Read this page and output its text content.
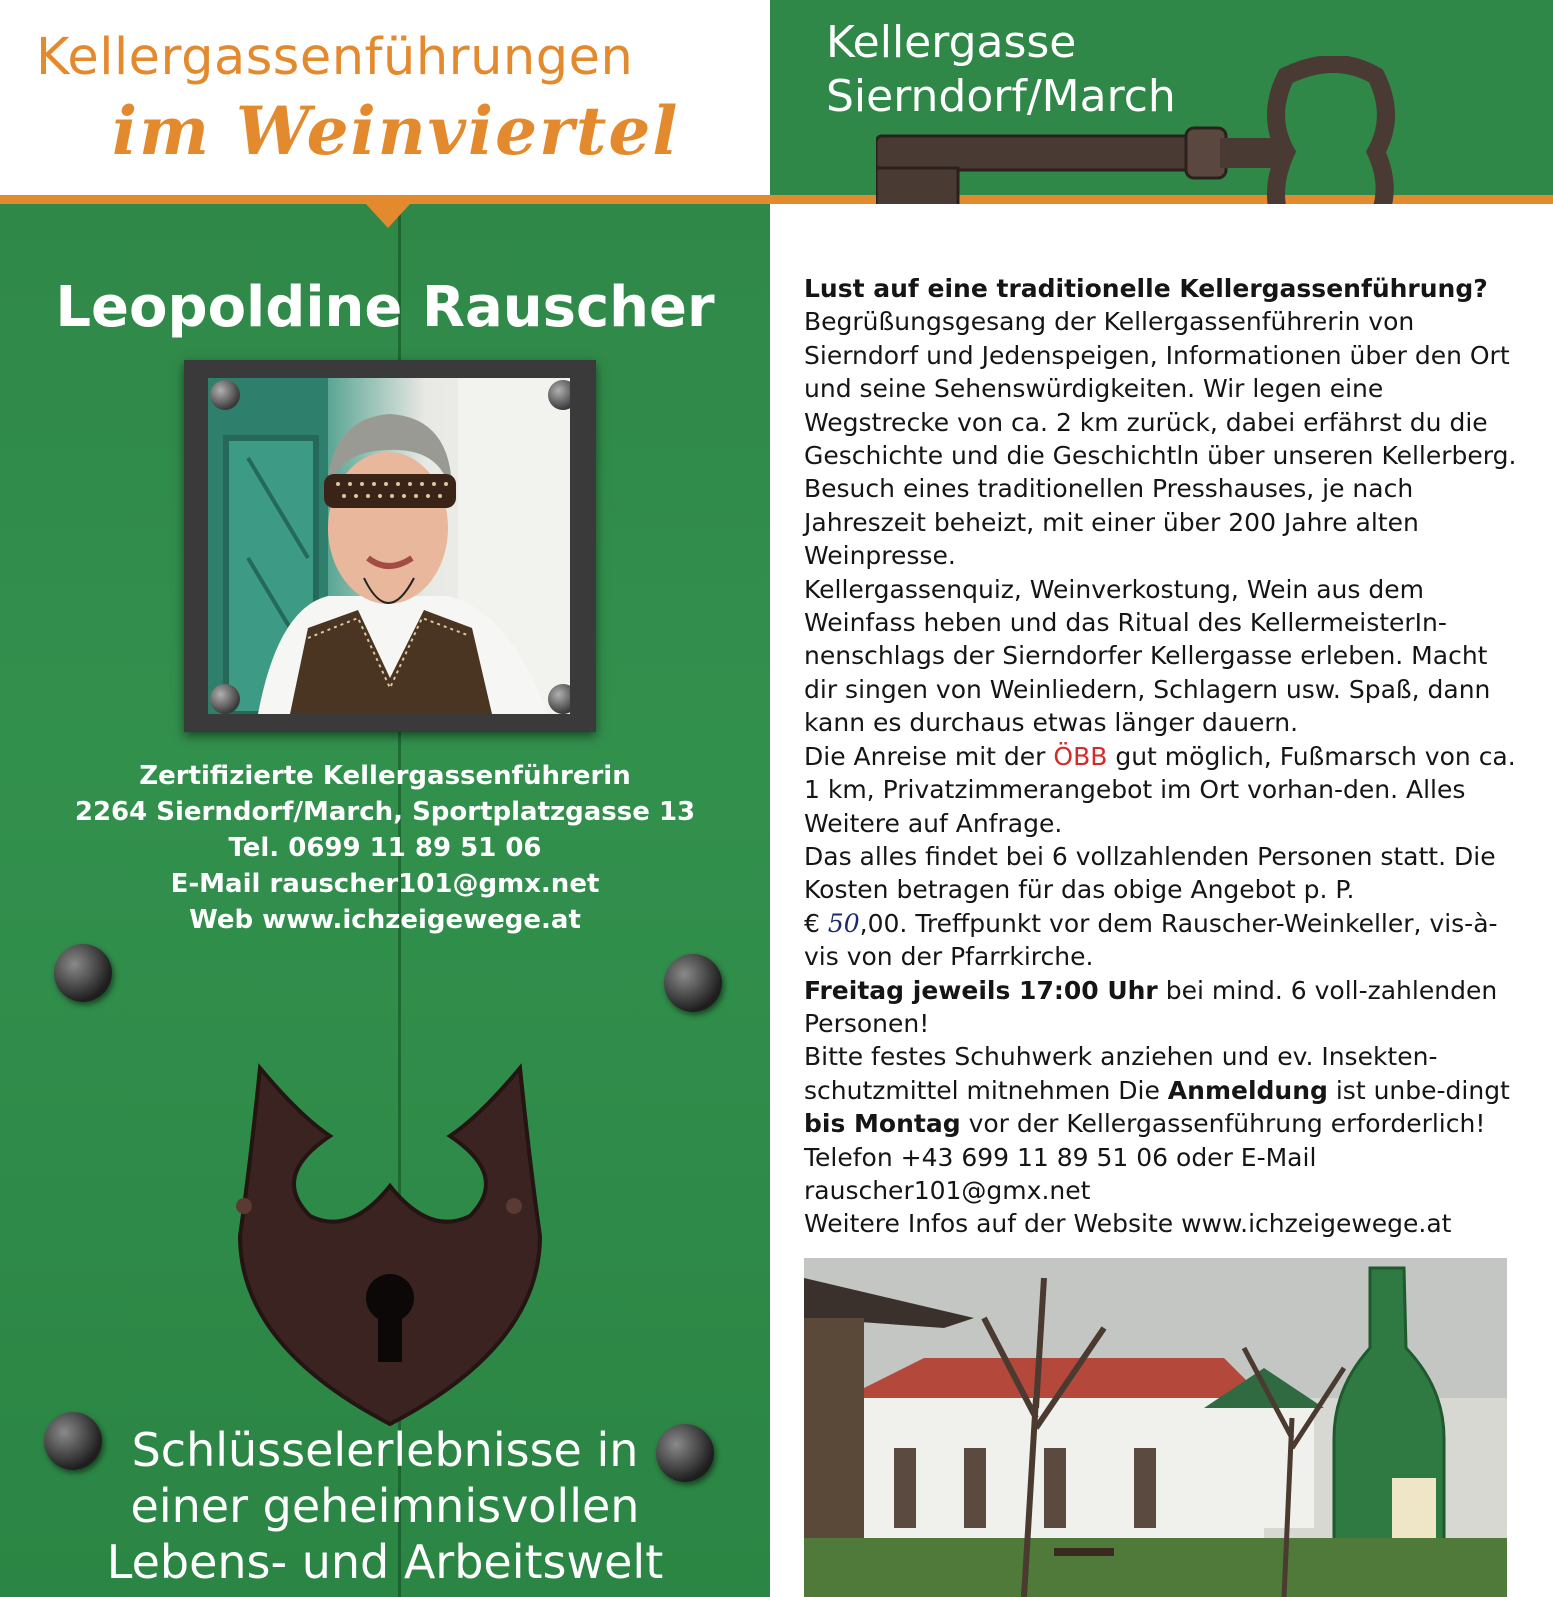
Kellergassenführungen
im Weinviertel
Leopoldine Rauscher
Zertifizierte Kellergassenführerin
2264 Sierndorf/March, Sportplatzgasse 13
Tel. 0699 11 89 51 06
E-Mail rauscher101@gmx.net
Web www.ichzeigewege.at
Schlüsselerlebnisse in
einer geheimnisvollen
Lebens- und Arbeitswelt
Kellergasse
Sierndorf/March

Lust auf eine traditionelle Kellergassenführung?

Begrüßungsgesang der Kellergassenführerin von Sierndorf und Jedenspeigen, Informationen über den Ort und seine Sehenswürdigkeiten. Wir legen eine Wegstrecke von ca. 2 km zurück, dabei erfährst du die Geschichte und die Geschichtln über unseren Kellerberg. Besuch eines traditionellen Presshauses, je nach Jahreszeit beheizt, mit einer über 200 Jahre alten Weinpresse.

Kellergassenquiz, Weinverkostung, Wein aus dem Weinfass heben und das Ritual des KellermeisterIn-nenschlags der Sierndorfer Kellergasse erleben. Macht dir singen von Weinliedern, Schlagern usw. Spaß, dann kann es durchaus etwas länger dauern.

Die Anreise mit der ÖBB gut möglich, Fußmarsch von ca. 1 km, Privatzimmerangebot im Ort vorhan-den. Alles Weitere auf Anfrage.

Das alles findet bei 6 vollzahlenden Personen statt. Die Kosten betragen für das obige Angebot p. P.

€ 50,00. Treffpunkt vor dem Rauscher-Weinkeller, vis-à-vis von der Pfarrkirche.

Freitag jeweils 17:00 Uhr bei mind. 6 voll-zahlenden Personen!

Bitte festes Schuhwerk anziehen und ev. Insekten-schutzmittel mitnehmen Die Anmeldung ist unbe-dingt bis Montag vor der Kellergassenführung erforderlich! Telefon +43 699 11 89 51 06 oder E-Mail rauscher101@gmx.net

Weitere Infos auf der Website www.ichzeigewege.at
